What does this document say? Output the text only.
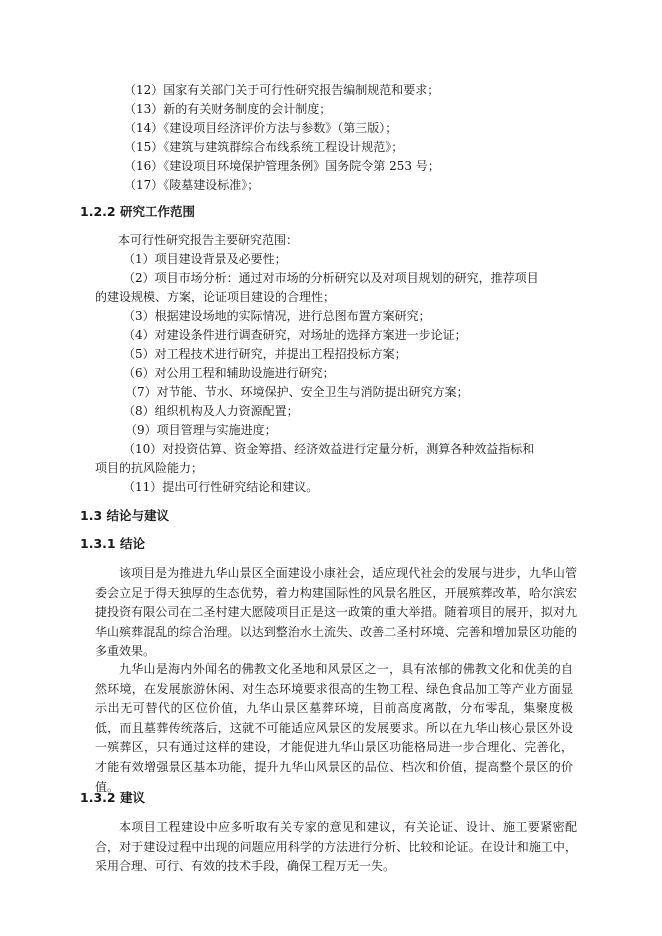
（12）国家有关部门关于可行性研究报告编制规范和要求；
（13）新的有关财务制度的会计制度；
（14）《建设项目经济评价方法与参数》（第三版）；
（15）《建筑与建筑群综合布线系统工程设计规范》；
（16）《建设项目环境保护管理条例》国务院令第 253 号；
（17）《陵墓建设标准》；
1.2.2 研究工作范围
本可行性研究报告主要研究范围：
（1）项目建设背景及必要性；
（2）项目市场分析：通过对市场的分析研究以及对项目规划的研究，推荐项目
的建设规模、方案，论证项目建设的合理性；
（3）根据建设场地的实际情况，进行总图布置方案研究；
（4）对建设条件进行调查研究，对场址的选择方案进一步论证；
（5）对工程技术进行研究，并提出工程招投标方案；
（6）对公用工程和辅助设施进行研究；
（7）对节能、节水、环境保护、安全卫生与消防提出研究方案；
（8）组织机构及人力资源配置；
（9）项目管理与实施进度；
（10）对投资估算、资金筹措、经济效益进行定量分析，测算各种效益指标和
项目的抗风险能力；
（11）提出可行性研究结论和建议。
1.3 结论与建议
1.3.1 结论
该项目是为推进九华山景区全面建设小康社会，适应现代社会的发展与进步，九华山管委会立足于得天独厚的生态优势，着力构建国际性的风景名胜区，开展殡葬改革，哈尔滨宏捷投资有限公司在二圣村建大愿陵项目正是这一政策的重大举措。随着项目的展开，拟对九华山殡葬混乱的综合治理。以达到整治水土流失、改善二圣村环境、完善和增加景区功能的多重效果。
九华山是海内外闻名的佛教文化圣地和风景区之一，具有浓郁的佛教文化和优美的自然环境，在发展旅游休闲、对生态环境要求很高的生物工程、绿色食品加工等产业方面显示出无可替代的区位价值，九华山景区墓葬环境，目前高度离散，分布零乱，集聚度极低，而且墓葬传统落后，这就不可能适应风景区的发展要求。所以在九华山核心景区外设一殡葬区，只有通过这样的建设，才能促进九华山景区功能格局进一步合理化、完善化，才能有效增强景区基本功能，提升九华山风景区的品位、档次和价值，提高整个景区的价值。
1.3.2 建议
本项目工程建设中应多听取有关专家的意见和建议，有关论证、设计、施工要紧密配合，对于建设过程中出现的问题应用科学的方法进行分析、比较和论证。在设计和施工中，采用合理、可行、有效的技术手段，确保工程万无一失。
